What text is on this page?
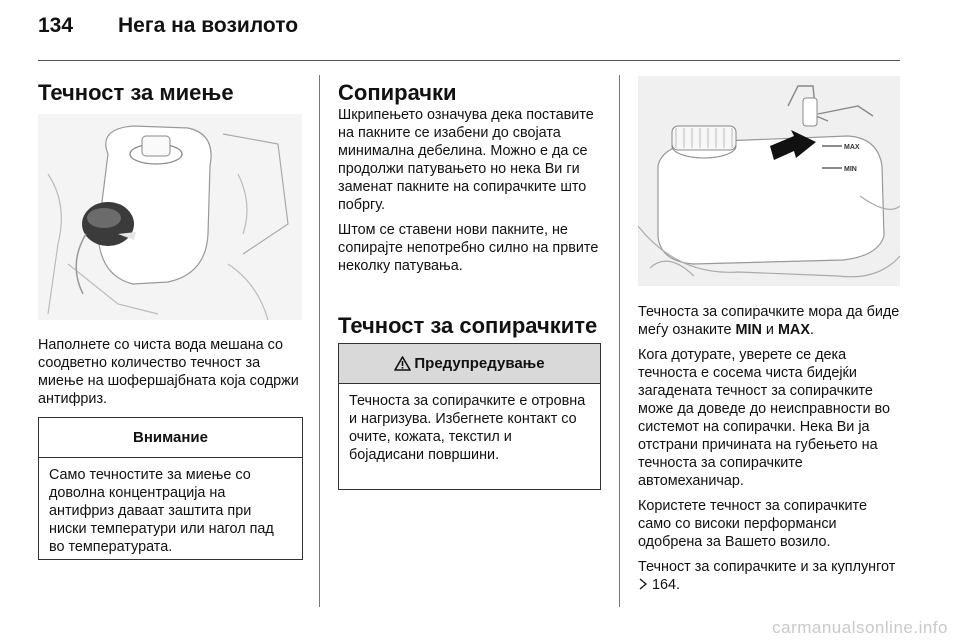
134 Нега на возилото
Течност за миење

Наполнете со чиста вода мешана со соодветно количество течност за миење на шофершајбната која содржи антифриз.

Внимание
Само течностите за миење со доволна концентрација на антифриз даваат заштита при ниски температури или нагол пад во температурата.
Сопирачки

Шкрипењето означува дека поставите на пакните се изабени до својата минимална дебелина. Можно е да се продолжи патувањето но нека Ви ги заменат пакните на сопирачките што побргу.

Штом се ставени нови пакните, не сопирајте непотребно силно на првите неколку патувања.

Течност за сопирачките
Предупредување
Течноста за сопирачките е отровна и нагризува. Избегнете контакт со очите, кожата, текстил и бојадисани површини.
MAX
MIN

Течноста за сопирачките мора да биде меѓу ознаките MIN и MAX.

Кога дотурате, уверете се дека течноста е сосема чиста бидејќи загадената течност за сопирачките може да доведе до неисправности во системот на сопирачки. Нека Ви ја отстрани причината на губењето на течноста за сопирачките автомеханичар.

Користете течност за сопирачките само со високи перформанси одобрена за Вашето возило.

Течност за сопирачките и за куплунгот  164.

carmanualsonline.info
